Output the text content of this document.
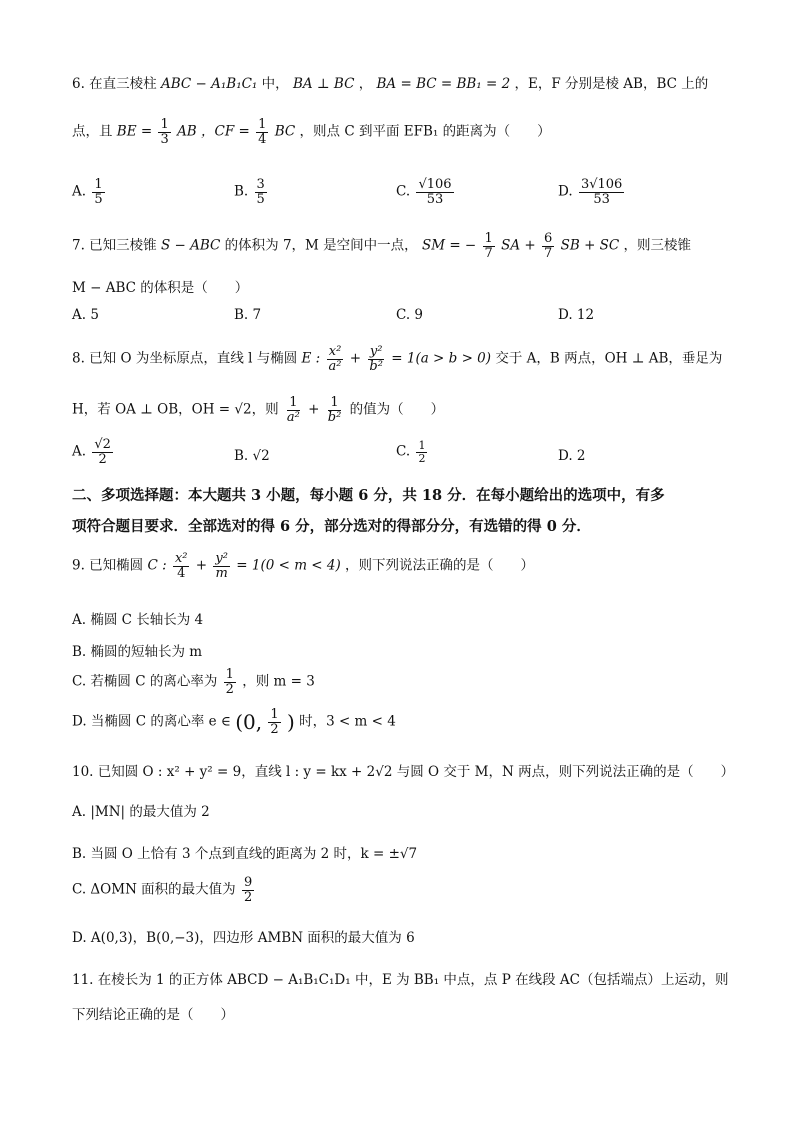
6. 在直三棱柱 ABC − A₁B₁C₁ 中， BA ⊥ BC ， BA = BC = BB₁ = 2 ，E，F 分别是棱 AB，BC 上的
点，且 BE = $\frac{1}{3}$ AB ，CF = $\frac{1}{4}$ BC ，则点 C 到平面 EFB₁ 的距离为（　　）
A. $\frac{1}{5}$	B. $\frac{3}{5}$	C. $\frac{√106}{53}$	D. $\frac{3√106}{53}$
7. 已知三棱锥 S − ABC 的体积为 7，M 是空间中一点， SM = − $\frac{1}{7}$ SA + $\frac{6}{7}$ SB + SC ，则三棱锥
M − ABC 的体积是（　　）
A. 5	B. 7	C. 9	D. 12
8. 已知 O 为坐标原点，直线 l 与椭圆 E : $\frac{\text{x²}}{\text{a²}} + \frac{\text{y²}}{\text{b²}} = 1(a > b > 0)$ 交于 A，B 两点，OH ⊥ AB，垂足为
H，若 OA ⊥ OB，OH = √2，则 $\frac{1}{\text{a²}} + \frac{1}{\text{b²}}$ 的值为（　　）
A. $\frac{√2}{2}$	B. √2	C. $\frac{1}{2}$	D. 2
二、多项选择题：本大题共 3 小题，每小题 6 分，共 18 分．在每小题给出的选项中，有多
项符合题目要求．全部选对的得 6 分，部分选对的得部分分，有选错的得 0 分．
9. 已知椭圆 C : $\frac{\text{x²}}{4} + \frac{\text{y²}}{m} = 1(0 < m < 4)$ ，则下列说法正确的是（　　）
A. 椭圆 C 长轴长为 4
B. 椭圆的短轴长为 m
C. 若椭圆 C 的离心率为 $\frac{1}{2}$ ，则 m = 3
D. 当椭圆 C 的离心率 e ∈ (0, $\frac{1}{2}$ ) 时，3 < m < 4
10. 已知圆 O : x² + y² = 9，直线 l : y = kx + 2√2 与圆 O 交于 M，N 两点，则下列说法正确的是（　　）
A. |MN| 的最大值为 2
B. 当圆 O 上恰有 3 个点到直线的距离为 2 时，k = ±√7
C. ΔOMN 面积的最大值为 $\frac{9}{2}$
D. A(0,3)，B(0,−3)，四边形 AMBN 面积的最大值为 6
11. 在棱长为 1 的正方体 ABCD − A₁B₁C₁D₁ 中，E 为 BB₁ 中点，点 P 在线段 AC（包括端点）上运动，则
下列结论正确的是（　　）
